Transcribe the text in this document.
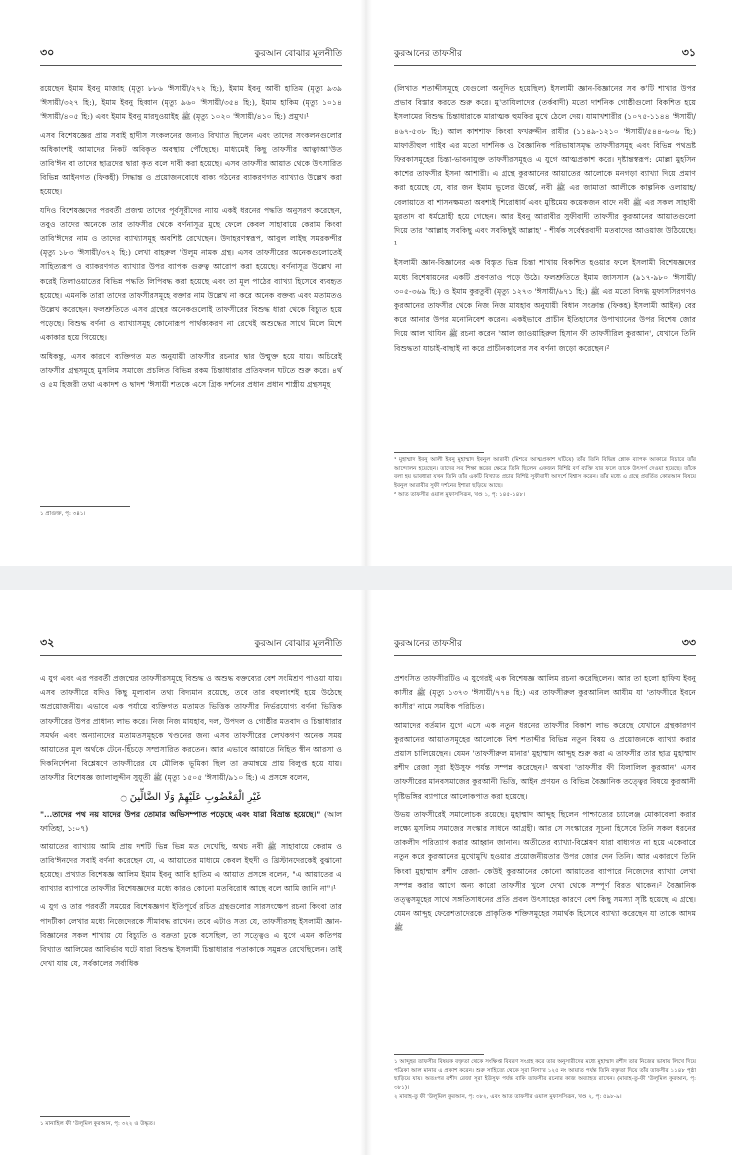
৩০	কুরআন বোঝার মূলনীতি

রয়েছেন ইমাম ইবনু মাজাহ (মৃত্যু ৮৮৬ 'ঈসায়ী/২৭২ হি:), ইমাম ইবনু আবী হাতিম (মৃত্যু ৯৩৯ 'ঈসায়ী/৩২৭ হি:), ইমাম ইবনু হিব্বান (মৃত্যু ৯৬০ 'ঈসায়ী/৩৫৪ হি:), ইমাম হাকিম (মৃত্যু ১০১৪ 'ঈসায়ী/৪০৫ হি:) এবং ইমাম ইবনু মারদুওয়াইহ ﷺ (মৃত্যু ১০২০ 'ঈসায়ী/৪১০ হি:) প্রমুখ।¹

এসব বিশেষজ্ঞের প্রায় সবাই হাদীস সংকলনের জন্যও বিখ্যাত ছিলেন এবং তাদের সংকলনগুলোর অধিকাংশই আমাদের নিকট অবিকৃত অবস্থায় পৌঁছেছে। মাধ্যমেই কিছু তাফসীর আত্বাআ'উত তাবি'ঈন বা তাদের ছাত্রদের দ্বারা কৃত বলে দাবী করা হয়েছে। এসব তাফসীর আয়াত থেকে উৎসারিত বিভিন্ন আইনগত (ফিকহী) সিদ্ধান্ত ও প্রয়োজনবোধে বাক্য গঠনের ব্যাকরণগত ব্যাখ্যাও উল্লেখ করা হয়েছে।

যদিও বিশেষজ্ঞদের পরবর্তী প্রজন্ম তাদের পূর্বসূরীদের ন্যায় একই ধরনের পদ্ধতি অনুসরণ করেছেন, তবুও তাদের অনেকে তার তাফসীর থেকে বর্ণনাসূত্র মুছে ফেলে কেবল সাহাবায়ে কেরাম কিংবা তাবি'ঈদের নাম ও তাদের ব্যাখ্যাসমূহ অবশিষ্ট রেখেছেন। উদাহরণস্বরূপ, আবুল লাইছ সমরকন্দীর (মৃত্যু ১৮৩ 'ঈসায়ী/৩৭২ হি:) লেখা বাহরুল 'উলূম নামক গ্রন্থ। এসব তাফসীরের অনেকগুলোতেই সাহিত্যরূপ ও ব্যাকরণগত ব্যাখ্যার উপর ব্যাপক গুরুত্ব আরোপ করা হয়েছে। বর্ণনাসূত্র উল্লেখ না করেই তিলাওয়াতের বিভিন্ন পদ্ধতি লিপিবদ্ধ করা হয়েছে এবং তা মূল পাঠের ব্যাখ্যা হিসেবে ব্যবহৃত হয়েছে। এমনকি তারা তাদের তাফসীরসমূহে বক্তার নাম উল্লেখ না করে অনেক বক্তব্য এবং মতামতও উল্লেখ করেছেন। ফলশ্রুতিতে এসব গ্রন্থের অনেকগুলোই তাফসীরের বিশুদ্ধ ধারা থেকে বিচ্যুত হয়ে পড়েছে। বিশুদ্ধ বর্ণনা ও ব্যাখ্যাসমূহ কোনোরূপ পার্থক্যকরণ না রেখেই অশুদ্ধের সাথে মিলে মিশে একাকার হয়ে গিয়েছে।

অধিকন্তু, এসব কারণে ব্যক্তিগত মত অনুযায়ী তাফসীর রচনার দ্বার উন্মুক্ত হয়ে যায়। অচিরেই তাফসীর গ্রন্থসমূহে মুসলিম সমাজে প্রচলিত বিভিন্ন রকম চিন্তাধারার প্রতিফলন ঘটতে শুরু করে। ৪র্থ ও ৫ম হিজরী তথা একাদশ ও দ্বাদশ 'ঈসায়ী শতকে এসে গ্রিক দর্শনের প্রধান প্রধান শাস্ত্রীয় গ্রন্থসমূহ

১ প্রাগুক্ত, পৃ: ৩৪১।

কুরআনের তাফসীর	৩১

(লিখাত শতাব্দীসমূহে যেগুলো অনূদিত হয়েছিল) ইসলামী জ্ঞান-বিজ্ঞানের সব ক'টি শাখার উপর প্রভাব বিস্তার করতে শুরু করে। মু'তাযিলাদের (তর্কবাদী) মতো দার্শনিক গোষ্ঠীগুলো বিকশিত হয়ে ইসলামের বিশুদ্ধ চিন্তাধারাকে মারাত্মক হুমকির মুখে ঠেলে দেয়। যামাখশারীর (১০৭৫-১১৪৪ 'ঈসায়ী/৪৬৭-৫৩৮ হি:) আল কাশশাফ কিংবা ফখরুদ্দীন রাযীর (১১৪৯-১২১০ 'ঈসায়ী/৫৪৪-৬০৬ হি:) মাফাতীহুল গাইব এর মতো দার্শনিক ও বৈজ্ঞানিক পরিভাষাসমৃদ্ধ তাফসীরসমূহ এবং বিভিন্ন পথভ্রষ্ট ফিরকাসমূহের চিন্তা-ভাবনাযুক্ত তাফসীরসমূহও এ যুগে আত্মপ্রকাশ করে। দৃষ্টান্তস্বরূপ: মোল্লা মুহসিন কাশের তাফসীর ইসনা আশারী। এ গ্রন্থে কুরআনের আয়াতের আলোকে মনগড়া ব্যাখ্যা দিয়ে প্রমাণ করা হয়েছে যে, বার জন ইমাম ভুলের ঊর্ধ্বে, নবী ﷺ এর জামাতা আলীকে কাল্পনিক ওলায়াহ/বেলায়াতে বা শাসনক্ষমতা অবশ্যই শিরোধার্য এবং মুষ্টিমেয় কয়েকজন বাদে নবী ﷺ এর সকল সাহাবী মুরতাদ বা ধর্মদ্রোহী হয়ে গেছেন। আর ইবনু আরাবীর সুফীবাদী তাফসীর কুরআনের আয়াতগুলো দিয়ে তার 'আল্লাহ সবকিছু এবং সবকিছুই আল্লাহ' - শীর্ষক সর্বেশ্বরবাদী মতবাদের আওয়াজ উঠিয়েছে।¹

ইসলামী জ্ঞান-বিজ্ঞানের এক বিস্তৃত ভিন্ন চিন্তা শাখায় বিকশিত হওয়ার ফলে ইসলামী বিশেষজ্ঞদের মধ্যে বিশেষায়নের একটি প্রবণতাও পড়ে উঠে। ফলশ্রুতিতে ইমাম জাসসাস (৯১৭-৯৮০ 'ঈসায়ী/৩০৫-৩৬৯ হি:) ও ইমাম কুরতুবী (মৃত্যু ১২৭৩ 'ঈসায়ী/৬৭১ হি:) ﷺ এর মতো বিদগ্ধ মুফাসসিরগণও কুরআনের তাফসীর থেকে নিজ নিজ মাযহাব অনুযায়ী বিধান সংক্রান্ত (ফিকহ) ইসলামী আইন) বের করে আনার উপর মনোনিবেশ করেন। একইভাবে প্রাচীন ইতিহাসের উপাখ্যানের উপর বিশেষ জোর দিয়ে আল খাযিন ﷺ রচনা করেন 'আল জাওয়াহিরুল হিসান ফী তাফসীরিল কুরআন', যেখানে তিনি বিশুদ্ধতা যাচাই-বাছাই না করে প্রাচীনকালের সব বর্ণনা জড়ো করেছেন।²

¹ মুহাম্মাদ ইবনু আলী ইবনু মুহাম্মাদ ইবনুল আরাবী (মিশরে আত্মপ্রকাশ ঘটিয়ে) তাঁর তিনি বিভিন্ন শ্লোক ব্যাপক আকারে বিচারে তাঁর আন্দোলন হয়েছেন। তাদের সব শিক্ষা স্তরের ক্ষেত্রে তিনি ছিলেন একজন বিশিষ্ট বর্ণ ব্যক্তি যার ফলে তাকে উৎসর্গ দেওয়া হয়েছে। তাঁকে বলা হয় ভাবধারা যখন তিনি তাঁর একটি বিখ্যাত প্রচার বিশিষ্ট সুফীবাদী আদর্শে বিশ্বাস করেন। তাঁর মধ্যে এ গ্রন্থে প্রবর্তিত কোরআন বিষয়ে ইবনুল আরাবীর সুফী দর্শনের ইশারা ছড়িয়ে আছে।

² আত তাফসীর ওয়াল মুফাসসিরূন, খণ্ড ১, পৃ: ১৪৫-১৪৮।

৩২	কুরআন বোঝার মূলনীতি

এ যুগ এবং এর পরবর্তী প্রজন্মের তাফসীরসমূহে বিশুদ্ধ ও অশুদ্ধ বক্তব্যের বেশ সংমিশ্রণ পাওয়া যায়। এসব তাফসীরে যদিও কিছু মূল্যবান তথ্য বিদ্যমান রয়েছে, তবে তার বহুলাংশই হয়ে উঠেছে অপ্রয়োজনীয়। এভাবে এক পর্যায়ে ব্যক্তিগত মতামত ভিত্তিক তাফসীর নির্ভরযোগ্য বর্ণনা ভিত্তিক তাফসীরের উপর প্রাধান্য লাভ করে। নিজ নিজ মাযহাব, দল, উপদল ও গোষ্ঠীর মতবাদ ও চিন্তাধারার সমর্থন এবং অন্যান্যদের মতামতসমূহকে খণ্ডনের জন্য এসব তাফসীরের লেখকগণ অনেক সময় আয়াতের মূল অর্থকে টেনে-হিঁচড়ে সম্প্রসারিত করতেন। আর এভাবে আয়াতে নিহিত স্বীন আরসা ও দিকনির্দেশনা বিশ্লেষণে তাফসীরের যে মৌলিক ভূমিকা ছিল তা ক্রমান্বয়ে প্রায় বিলুপ্ত হয়ে যায়। তাফসীর বিশেষজ্ঞ জালালুদ্দীন সুয়ূতী ﷺ (মৃত্যু ১৫০৫ 'ঈসায়ী/৯১০ হি:) এ প্রসঙ্গে বলেন,

غَيْرِ الْمَغْضُوبِ عَلَيْهِمْ وَلَا الضَّالِّينَ ۝

"...তাদের পথ নয় যাদের উপর তোমার অভিসম্পাত পড়েছে এবং যারা বিভ্রান্ত হয়েছে।" (আল ফাতিহা, ১:০৭)

আয়াতের ব্যাখ্যায় আমি প্রায় দশটি ভিন্ন ভিন্ন মত দেখেছি, অথচ নবী ﷺ সাহাবায়ে কেরাম ও তাবি'ঈনদের সবাই বর্ণনা করেছেন যে, এ আয়াতের মাধ্যমে কেবল ইহুদী ও খ্রিস্টানদেরকেই বুঝানো হয়েছে। প্রখ্যাত বিশেষজ্ঞ আলিম ইমাম ইবনু আবি হাতিম এ আয়াত প্রসঙ্গে বলেন, "এ আয়াতের এ ব্যাখ্যার ব্যাপারে তাফসীর বিশেষজ্ঞদের মধ্যে কারও কোনো মতবিরোধ আছে বলে আমি জানি না"।¹

এ যুগ ও তার পরবর্তী সময়ের বিশেষজ্ঞগণ ইতিপূর্বে রচিত গ্রন্থগুলোর সারসংক্ষেপ রচনা কিংবা তার পাদটীকা লেখার মধ্যে নিজেদেরকে সীমাবদ্ধ রাখেন। তবে এটাও সত্য যে, তাফসীরসহ ইসলামী জ্ঞান-বিজ্ঞানের সকল শাখায় যে বিচ্যুতি ও বক্রতা ঢুকে বসেছিল, তা সত্ত্বেও এ যুগে এমন কতিপয় বিখ্যাত আলিমের আবির্ভাব ঘটে যারা বিশুদ্ধ ইসলামী চিন্তাধারার পতাকাকে সমুন্নত রেখেছিলেন। তাই দেখা যায় যে, সর্বকালের সর্বাধিক

১ মানাহিল ফী 'উলূমিল কুরআন, পৃ: ৩২২ ও উদ্ধৃত।

কুরআনের তাফসীর	৩৩

প্রশংসিত তাফসীরটিও এ যুগেরই এক বিশেষজ্ঞ আলিম রচনা করেছিলেন। আর তা হলো হাফিয ইবনু কাসীর ﷺ (মৃত্যু ১৩৭৩ 'ঈসায়ী/৭৭৪ হি:) এর তাফসীরুল কুরআনিল আযীম যা 'তাফসীরে ইবনে কাসীর' নামে সমধিক পরিচিত।

আমাদের বর্তমান যুগে এসে এক নতুন ধরনের তাফসীর বিকাশ লাভ করেছে যেখানে গ্রন্থকারগণ কুরআনের আয়াতসমূহের আলোকে বিশ শতাব্দীর বিভিন্ন নতুন বিষয় ও প্রয়োজনকে ব্যাখ্যা করার প্রয়াস চালিয়েছেন। যেমন 'তাফসীরুল মানার' মুহাম্মাদ আব্দুহ শুরু করা এ তাফসীর তার ছাত্র মুহাম্মাদ রশীদ রেজা সূরা ইউসুফ পর্যন্ত সম্পন্ন করেছেন।¹ অথবা 'তাফসীর ফী যিলালিল কুরআন' এসব তাফসীরের মানবসমাজের কুরআনী ভিত্তি, আইন প্রণয়ন ও বিভিন্ন বৈজ্ঞানিক তত্ত্বের বিষয়ে কুরআনী দৃষ্টিভঙ্গির ব্যাপারে আলোকপাত করা হয়েছে।

উভয় তাফসীরেই সমালোচক রয়েছে। মুহাম্মাদ আব্দুহ ছিলেন পাশ্চাত্যের চ্যালেঞ্জ মোকাবেলা করার লক্ষ্যে মুসলিম সমাজের সংস্কার সাধনে আগ্রহী। আর সে সংস্কারের সূচনা হিসেবে তিনি সকল ধরনের তাকলীদ পরিত্যাগ করার আহ্বান জানান। অতীতের ব্যাখ্যা-বিশ্লেষণ যারা বাধ্যগত না হয়ে একেবারে নতুন করে কুরআনের মুখোমুখি হওয়ার প্রয়োজনীয়তার উপর জোর দেন তিনি। আর একারণে তিনি কিংবা মুহাম্মাদ রশীদ রেজা- কেউই কুরআনের কোনো আয়াতের ব্যাপারে নিজেদের ব্যাখ্যা লেখা সম্পন্ন করার আগে অন্য কারো তাফসীর খুলে দেখা থেকে সম্পূর্ণ বিরত থাকেন।² বৈজ্ঞানিক তত্ত্বসমূহের সাথে সঙ্গতিসাধনের প্রতি প্রবল উৎসাহের কারণে বেশ কিছু সমস্যা সৃষ্টি হয়েছে এ গ্রন্থে। যেমন আব্দুহ ফেরেশতাদেরকে প্রাকৃতিক শক্তিসমূহের সমার্থক হিসেবে ব্যাখ্যা করেছেন যা তাকে আদম ﷺ

১ আব্দুহর তাফসীর বিষয়ক বক্তৃতা থেকে সংক্ষিপ্ত বিবরণ সংগ্রহ করে তার অনুসারীদের মধ্যে মুহাম্মাদ রশীদ তার নিজের ভাষায় লিখে দিয়ে পত্রিকা আল মানার এ প্রকাশ করেন। শুরু সাহিত্যে থেকে সূরা নিসা'র ১২৫ নং আয়াত পর্যন্ত তিনি বক্তৃতা দিয়ে তাঁর তাফসীর ১১৪৮ পৃষ্ঠা ছাড়িয়ে যায়। অতঃপর রশীদ রেজা সূরা ইউসুফ পর্যন্ত বাকি তাফসীর রচনার কাজ অব্যাহত রাখেন। (মাবাহ-তু-ফী 'উলূমিল কুরআন, পৃ: ৩৮১)।

২ মাবাহ-তু ফী 'উলূমিল কুরআন, পৃ: ৩৮২, এবং আত তাফসীর ওয়াল মুফাসসিরূন, খণ্ড ২, পৃ: ৫৯৮-৯।
